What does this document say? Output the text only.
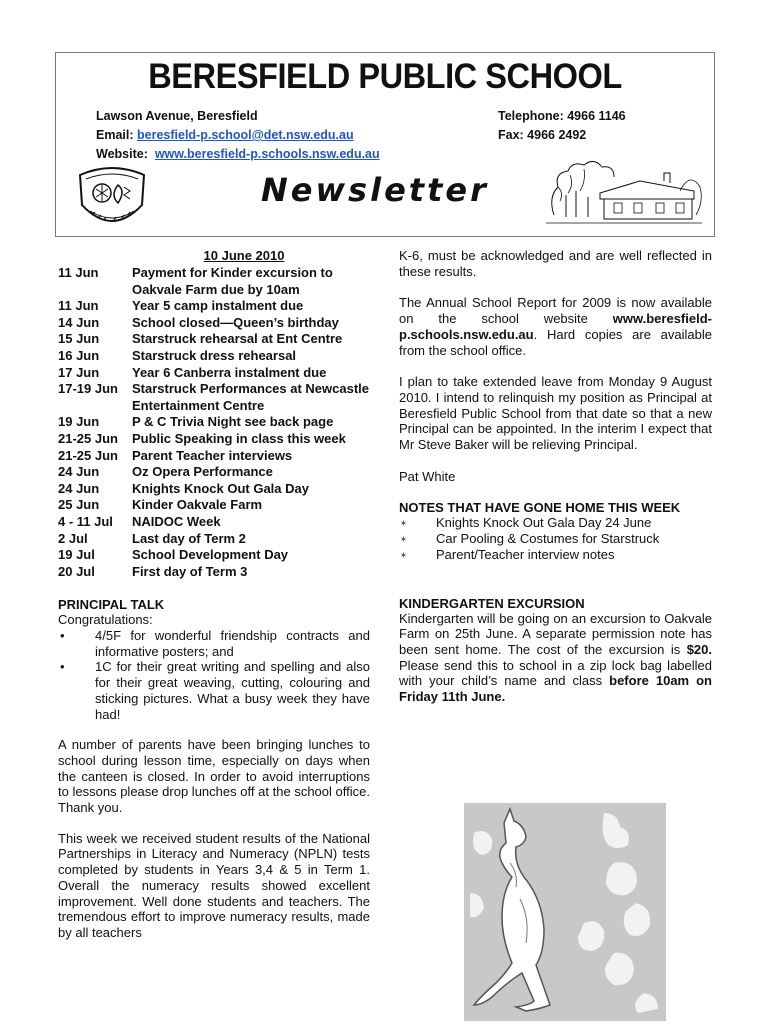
BERESFIELD PUBLIC SCHOOL
Lawson Avenue, Beresfield
Email: beresfield-p.school@det.nsw.edu.au
Website: www.beresfield-p.schools.nsw.edu.au
Telephone: 4966 1146
Fax: 4966 2492
Newsletter
10 June 2010
11 Jun	Payment for Kinder excursion to Oakvale Farm due by 10am
11 Jun	Year 5 camp instalment due
14 Jun	School closed—Queen’s birthday
15 Jun	Starstruck rehearsal at Ent Centre
16 Jun	Starstruck dress rehearsal
17 Jun	Year 6 Canberra instalment due
17-19 Jun	Starstruck Performances at Newcastle Entertainment Centre
19 Jun	P & C Trivia Night see back page
21-25 Jun	Public Speaking in class this week
21-25 Jun	Parent Teacher interviews
24 Jun	Oz Opera Performance
24 Jun	Knights Knock Out Gala Day
25 Jun	Kinder Oakvale Farm
4 - 11 Jul	NAIDOC Week
2 Jul	Last day of Term 2
19 Jul	School Development Day
20 Jul	First day of Term 3
PRINCIPAL TALK
Congratulations:
•	4/5F for wonderful friendship contracts and informative posters; and
•	1C for their great writing and spelling and also for their great weaving, cutting, colouring and sticking pictures. What a busy week they have had!

A number of parents have been bringing lunches to school during lesson time, especially on days when the canteen is closed. In order to avoid interruptions to lessons please drop lunches off at the school office. Thank you.

This week we received student results of the National Partnerships in Literacy and Numeracy (NPLN) tests completed by students in Years 3,4 & 5 in Term 1. Overall the numeracy results showed excellent improvement. Well done students and teachers. The tremendous effort to improve numeracy results, made by all teachers

K-6, must be acknowledged and are well reflected in these results.

The Annual School Report for 2009 is now available on the school website www.beresfield-p.schools.nsw.edu.au. Hard copies are available from the school office.

I plan to take extended leave from Monday 9 August 2010. I intend to relinquish my position as Principal at Beresfield Public School from that date so that a new Principal can be appointed. In the interim I expect that Mr Steve Baker will be relieving Principal.

Pat White

NOTES THAT HAVE GONE HOME THIS WEEK
⁎	Knights Knock Out Gala Day 24 June
⁎	Car Pooling & Costumes for Starstruck
⁎	Parent/Teacher interview notes
KINDERGARTEN EXCURSION

Kindergarten will be going on an excursion to Oakvale Farm on 25th June. A separate permission note has been sent home. The cost of the excursion is $20. Please send this to school in a zip lock bag labelled with your child’s name and class before 10am on Friday 11th June.
